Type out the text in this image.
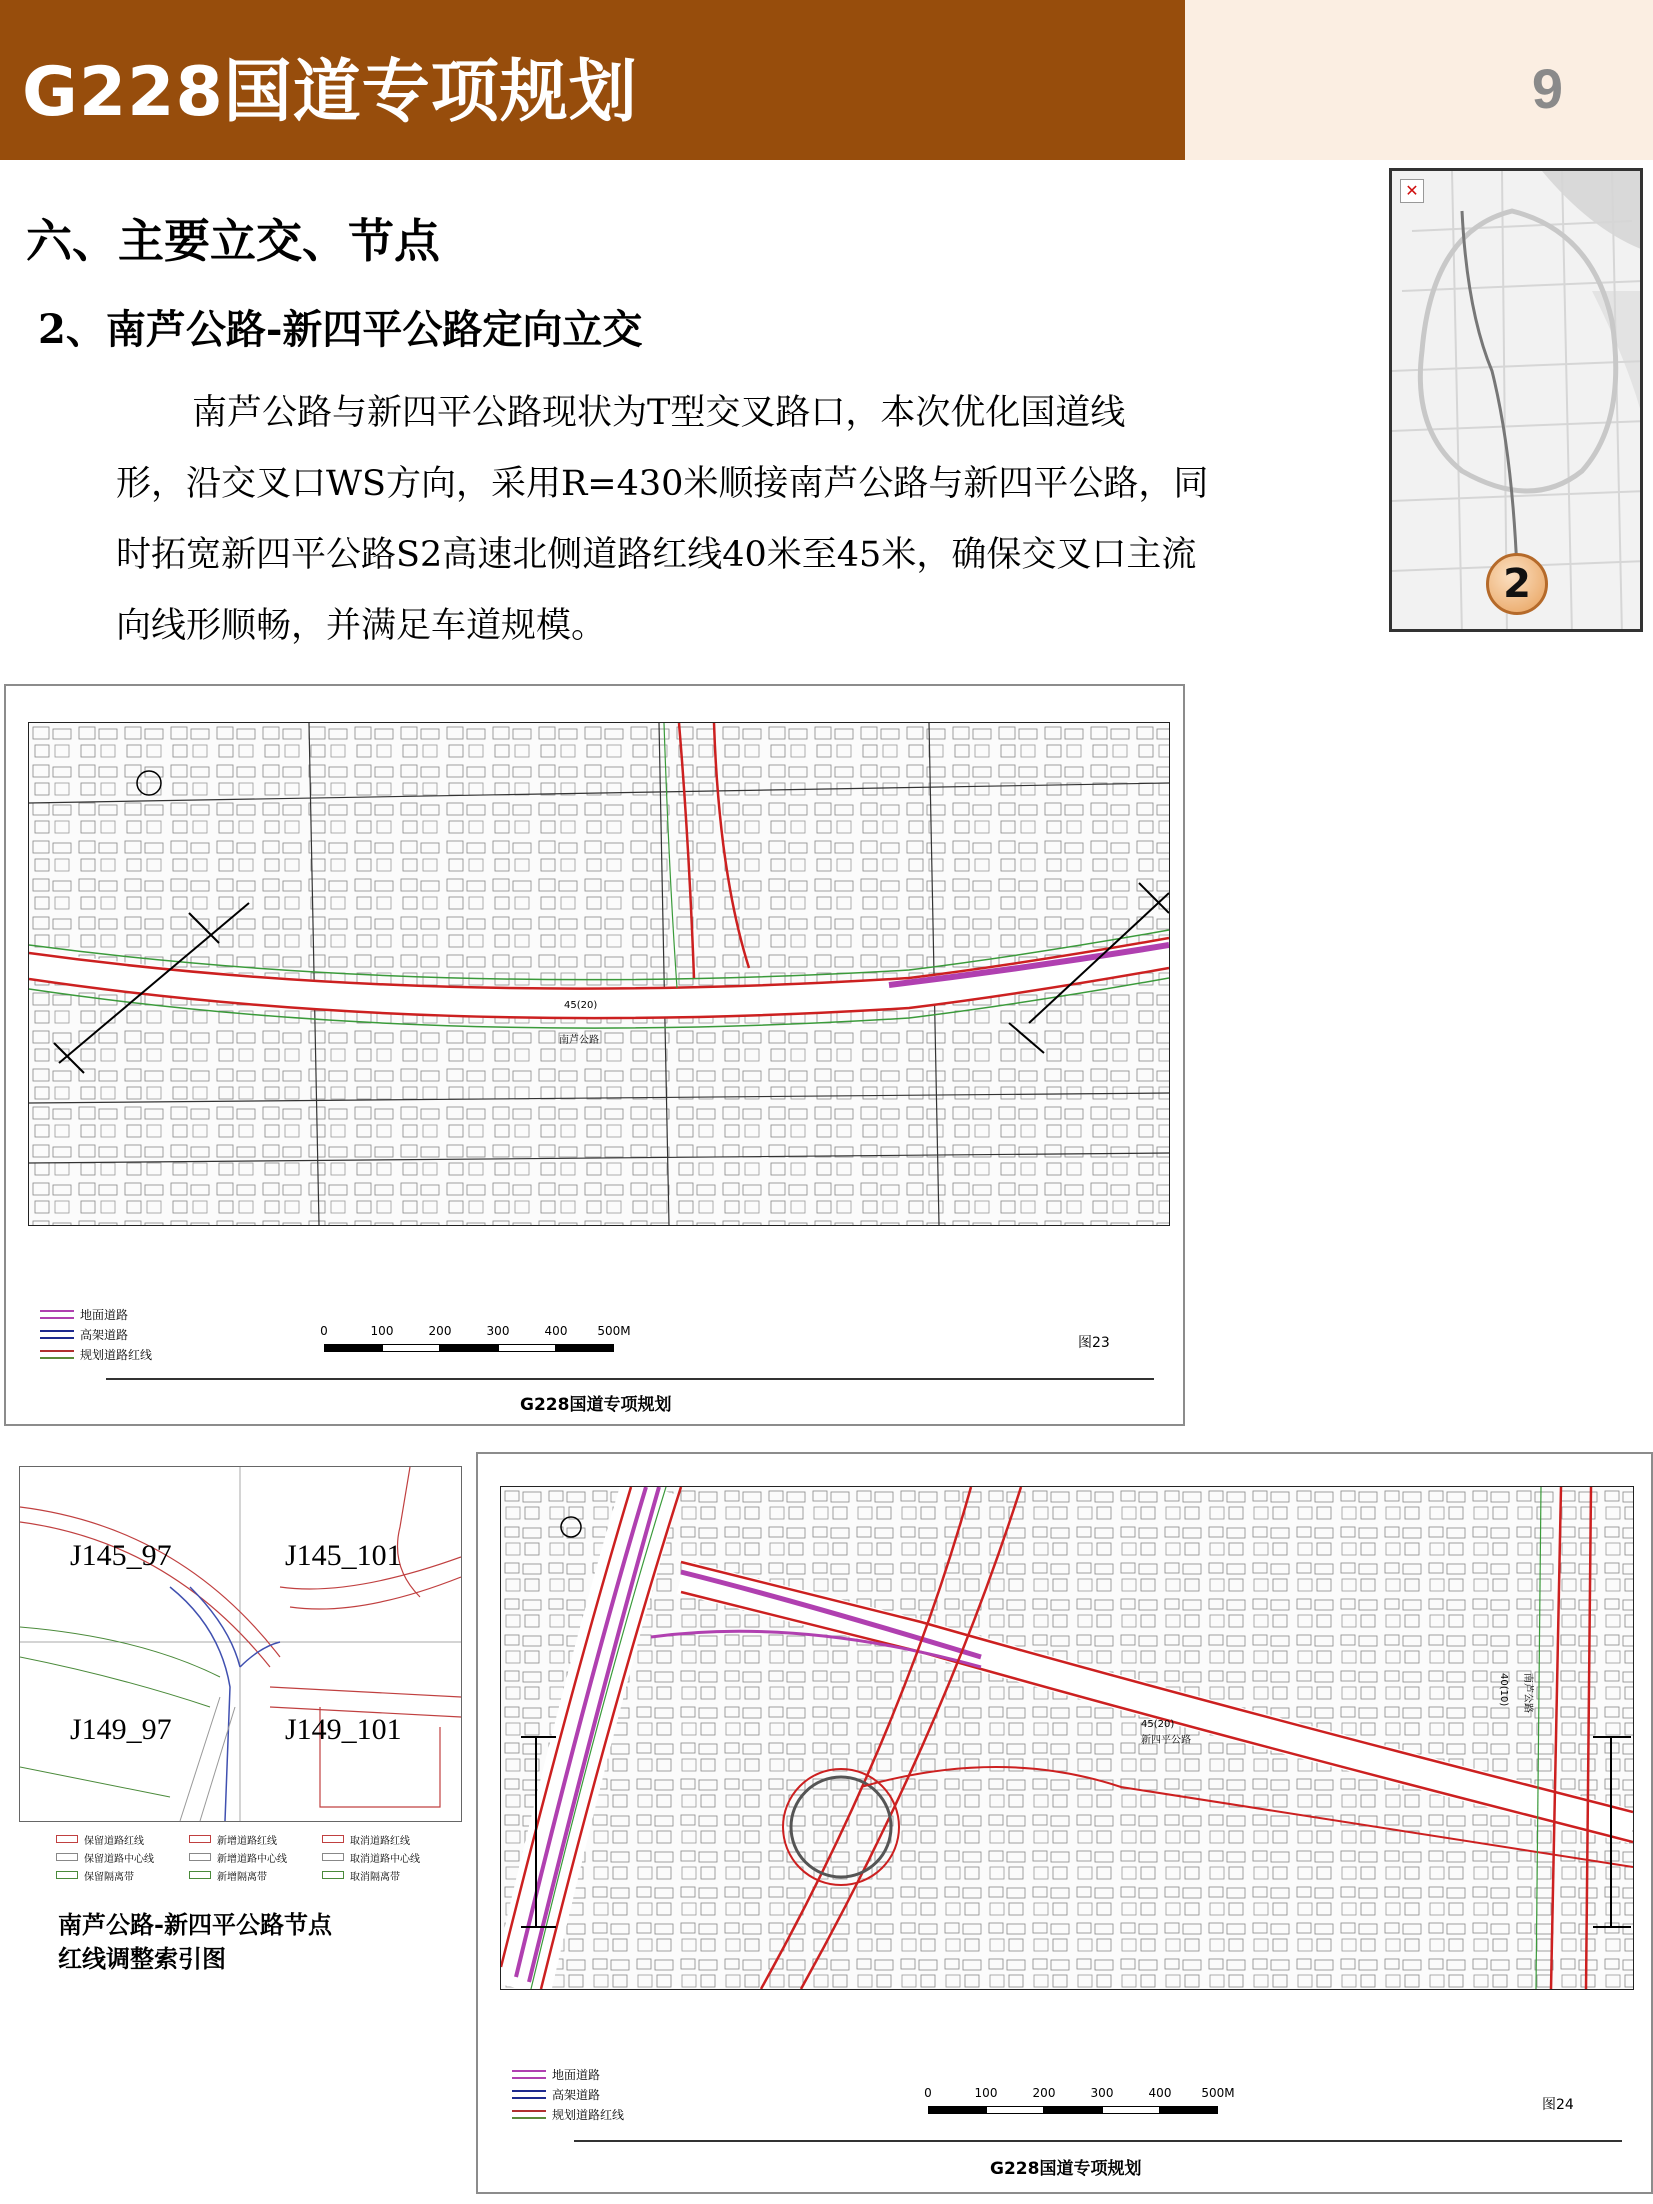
G228国道专项规划	9
六、主要立交、节点
2、南芦公路-新四平公路定向立交
南芦公路与新四平公路现状为T型交叉路口，本次优化国道线
形，沿交叉口WS方向，采用R=430米顺接南芦公路与新四平公路，同
时拓宽新四平公路S2高速北侧道路红线40米至45米，确保交叉口主流
向线形顺畅，并满足车道规模。
✕
2
45(20)
南芦公路
地面道路
高架道路
规划道路红线
0	100	200	300	400 500M
图23
G228国道专项规划
J145_97	J145_101
J149_97	J149_101
保留道路红线	新增道路红线	取消道路红线
保留道路中心线	新增道路中心线	取消道路中心线
保留隔离带	新增隔离带	取消隔离带
南芦公路-新四平公路节点
红线调整索引图
45(20)
新四平公路
40(10) 南芦公路
地面道路
高架道路
规划道路红线
0	100	200	300	400 500M
图24
G228国道专项规划
